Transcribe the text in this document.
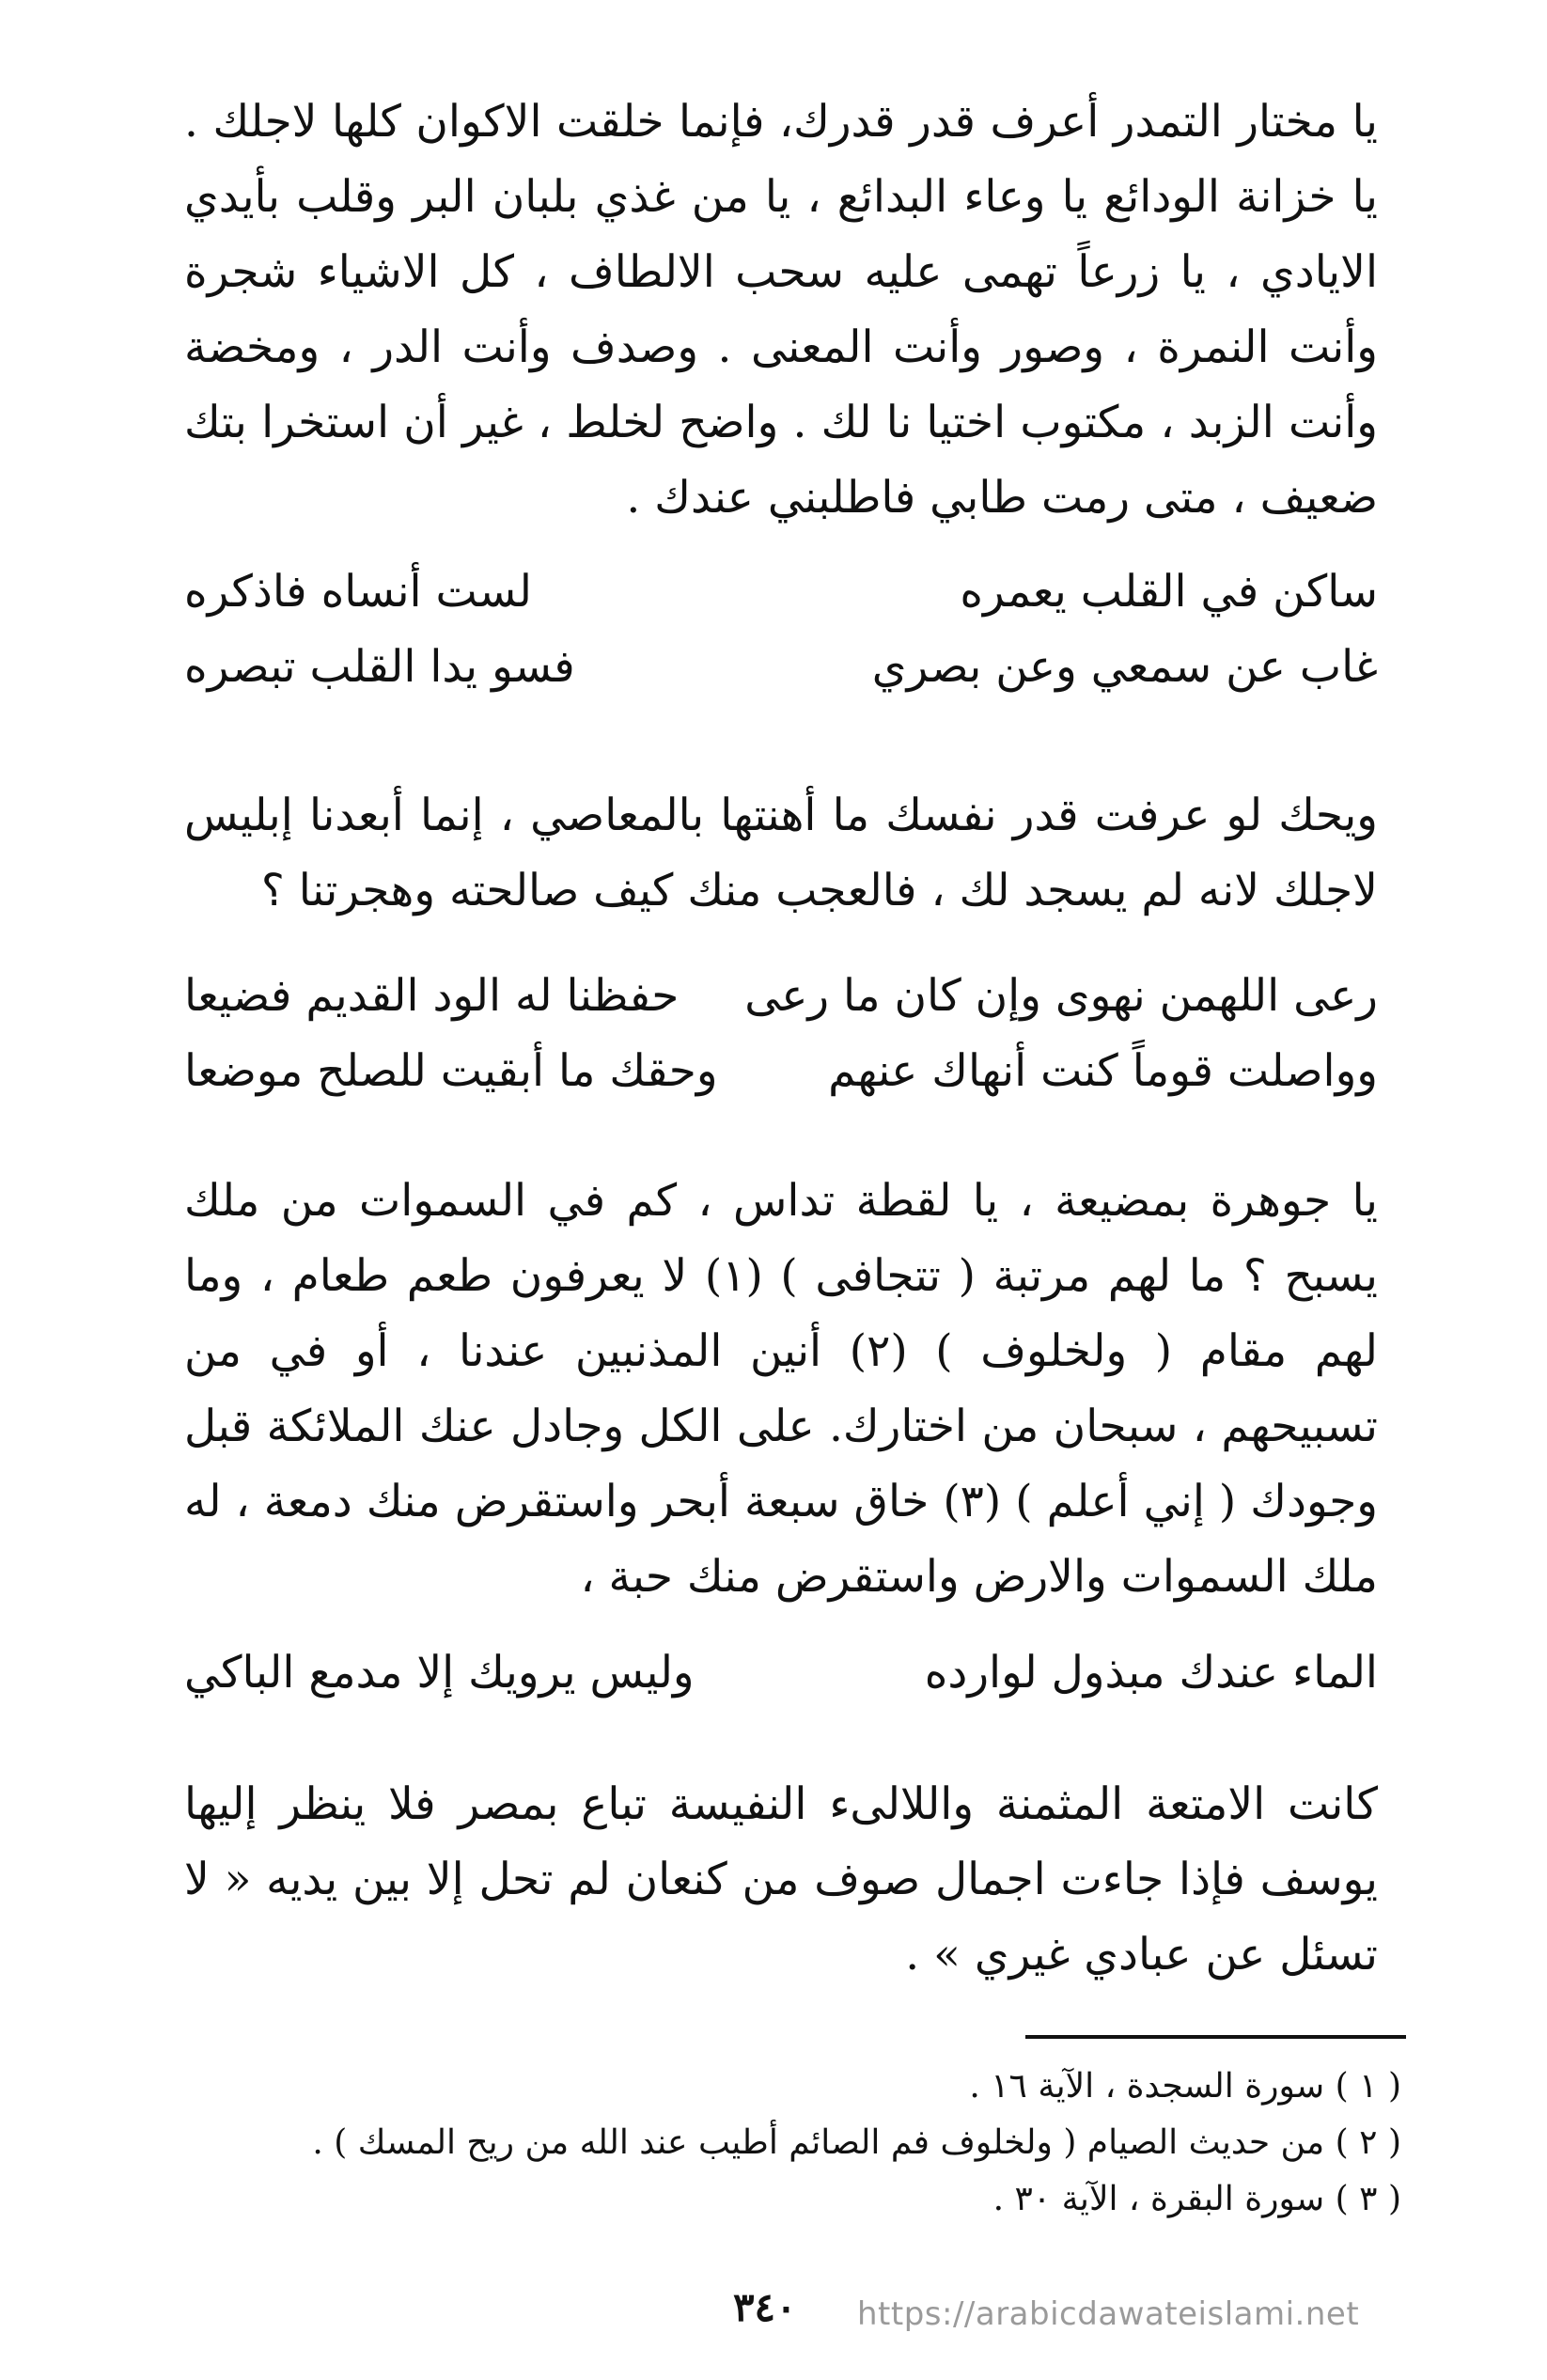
يا مختار التمدر أعرف قدر قدرك، فإنما خلقت الاكوان كلها لاجلك . يا خزانة الودائع يا وعاء البدائع ، يا من غذي بلبان البر وقلب بأيدي الايادي ، يا زرعاً تهمى عليه سحب الالطاف ، كل الاشياء شجرة وأنت النمرة ، وصور وأنت المعنى . وصدف وأنت الدر ، ومخضة وأنت الزبد ، مكتوب اختيا نا لك . واضح لخلط ، غير أن استخرا بتك ضعيف ، متى رمت طابي فاطلبني عندك .

ساكن في القلب يعمره
لست أنساه فاذكره
غاب عن سمعي وعن بصري
فسو يدا القلب تبصره

ويحك لو عرفت قدر نفسك ما أهنتها بالمعاصي ، إنما أبعدنا إبليس لاجلك لانه لم يسجد لك ، فالعجب منك كيف صالحته وهجرتنا ؟

رعى اللهمن نهوى وإن كان ما رعى
حفظنا له الود القديم فضيعا
وواصلت قوماً كنت أنهاك عنهم
وحقك ما أبقيت للصلح موضعا

يا جوهرة بمضيعة ، يا لقطة تداس ، كم في السموات من ملك يسبح ؟ ما لهم مرتبة ( تتجافى ) (١) لا يعرفون طعم طعام ، وما لهم مقام ( ولخلوف ) (٢) أنين المذنبين عندنا ، أو في من تسبيحهم ، سبحان من اختارك. على الكل وجادل عنك الملائكة قبل وجودك ( إني أعلم ) (٣) خاق سبعة أبحر واستقرض منك دمعة ، له ملك السموات والارض واستقرض منك حبة ،

الماء عندك مبذول لوارده
وليس يرويك إلا مدمع الباكي

كانت الامتعة المثمنة واللالىء النفيسة تباع بمصر فلا ينظر إليها يوسف فإذا جاءت اجمال صوف من كنعان لم تحل إلا بين يديه « لا تسئل عن عبادي غيري » .

( ١ ) سورة السجدة ، الآية ١٦ .
( ٢ ) من حديث الصيام ( ولخلوف فم الصائم أطيب عند الله من ريح المسك ) .
( ٣ ) سورة البقرة ، الآية ٣٠ .
٣٤٠ https://arabicdawateislami.net
